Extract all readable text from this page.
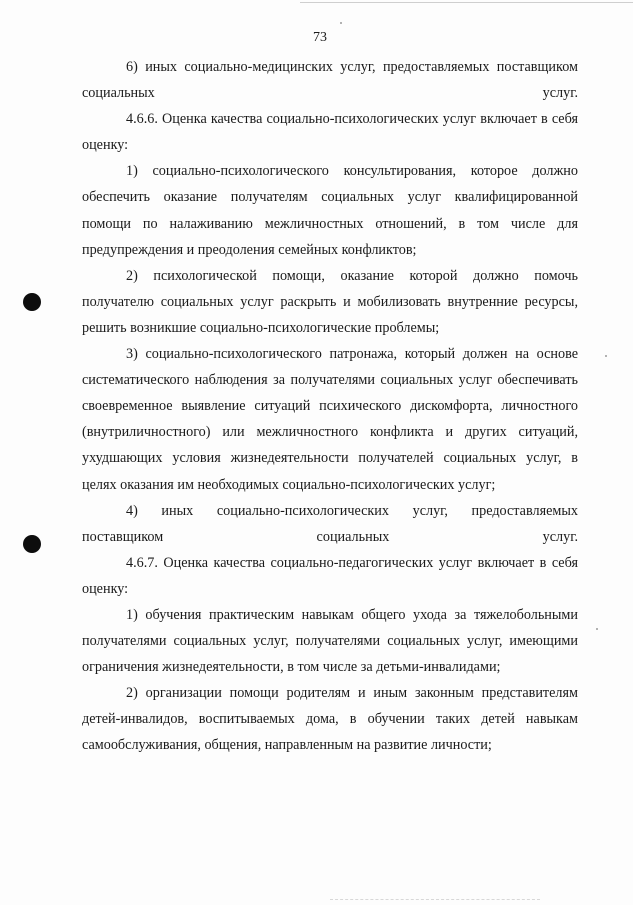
73

6) иных социально-медицинских услуг, предоставляемых поставщиком социальных услуг.

4.6.6. Оценка качества социально-психологических услуг включает в себя оценку:

1) социально-психологического консультирования, которое должно обеспечить оказание получателям социальных услуг квалифицированной помощи по налаживанию межличностных отношений, в том числе для предупреждения и преодоления семейных конфликтов;

2) психологической помощи, оказание которой должно помочь получателю социальных услуг раскрыть и мобилизовать внутренние ресурсы, решить возникшие социально-психологические проблемы;

3) социально-психологического патронажа, который должен на основе систематического наблюдения за получателями социальных услуг обеспечивать своевременное выявление ситуаций психического дискомфорта, личностного (внутриличностного) или межличностного конфликта и других ситуаций, ухудшающих условия жизнедеятельности получателей социальных услуг, в целях оказания им необходимых социально-психологических услуг;

4) иных социально-психологических услуг, предоставляемых поставщиком социальных услуг.

4.6.7. Оценка качества социально-педагогических услуг включает в себя оценку:

1) обучения практическим навыкам общего ухода за тяжелобольными получателями социальных услуг, получателями социальных услуг, имеющими ограничения жизнедеятельности, в том числе за детьми-инвалидами;

2) организации помощи родителям и иным законным представителям детей-инвалидов, воспитываемых дома, в обучении таких детей навыкам самообслуживания, общения, направленным на развитие личности;
